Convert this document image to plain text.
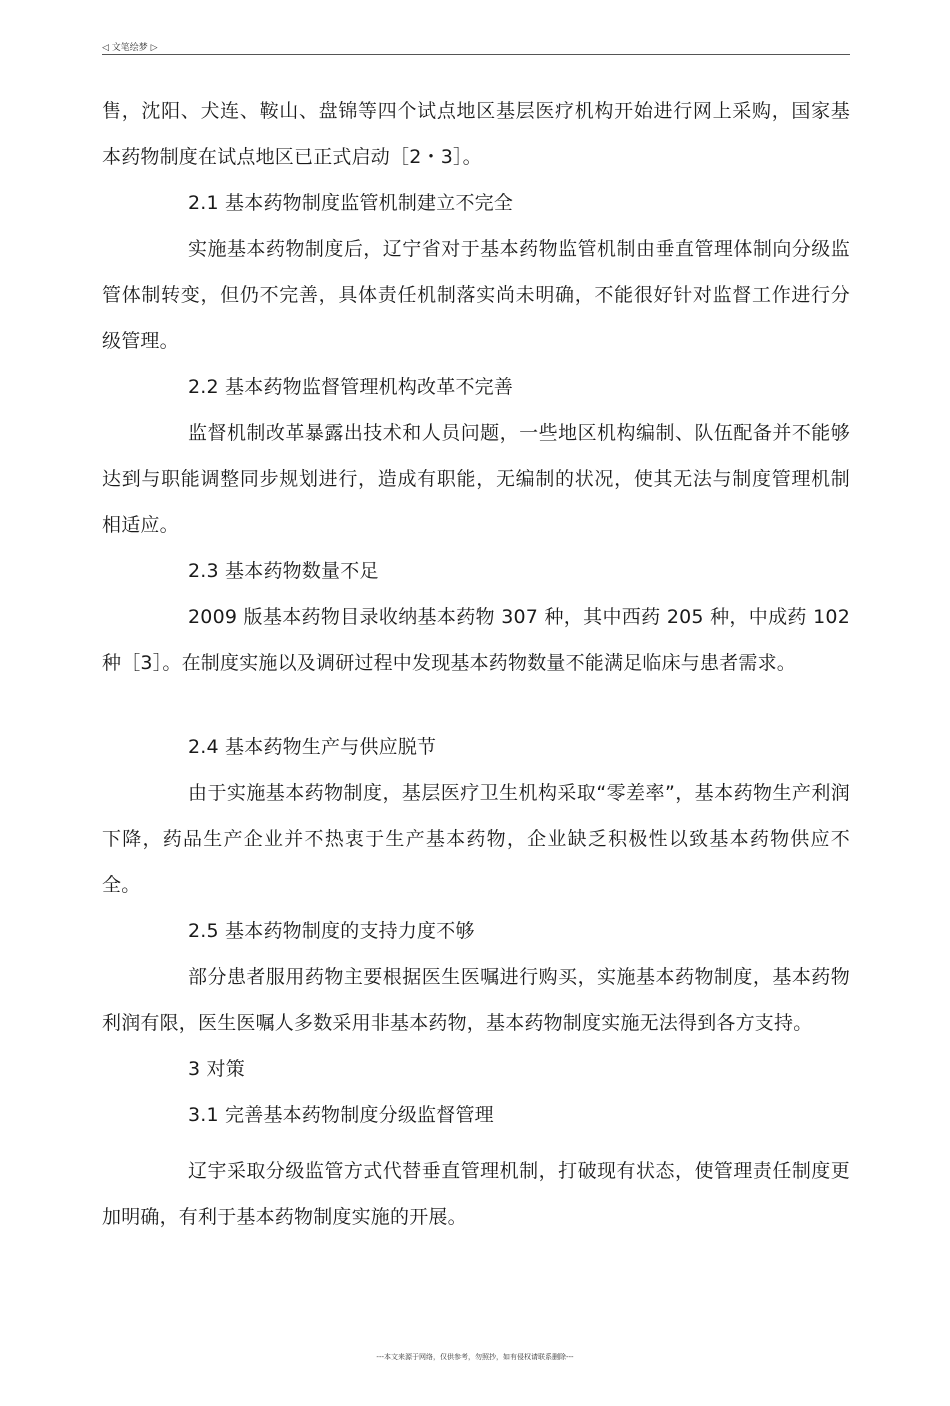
◁ 文笔绘梦 ▷

售，沈阳、犬连、鞍山、盘锦等四个试点地区基层医疗机构开始进行网上采购，国家基本药物制度在试点地区已正式启动［2・3］。

2.1 基本药物制度监管机制建立不完全

实施基本药物制度后，辽宁省对于基本药物监管机制由垂直管理体制向分级监管体制转变，但仍不完善，具体责任机制落实尚未明确，不能很好针对监督工作进行分级管理。

2.2 基本药物监督管理机构改革不完善

监督机制改革暴露出技术和人员问题，一些地区机构编制、队伍配备并不能够达到与职能调整同步规划进行，造成有职能，无编制的状况，使其无法与制度管理机制相适应。

2.3 基本药物数量不足

2009 版基本药物目录收纳基本药物 307 种，其中西药 205 种，中成药 102 种［3］。在制度实施以及调研过程中发现基本药物数量不能满足临床与患者需求。

2.4 基本药物生产与供应脱节

由于实施基本药物制度，基层医疗卫生机构采取“零差率”，基本药物生产利润下降，药品生产企业并不热衷于生产基本药物，企业缺乏积极性以致基本药物供应不全。

2.5 基本药物制度的支持力度不够

部分患者服用药物主要根据医生医嘱进行购买，实施基本药物制度，基本药物利润有限，医生医嘱人多数采用非基本药物，基本药物制度实施无法得到各方支持。

3 对策

3.1 完善基本药物制度分级监督管理

辽宇采取分级监管方式代替垂直管理机制，打破现有状态，使管理责任制度更加明确，有利于基本药物制度实施的开展。

---本文来源于网络，仅供参考，勿照抄，如有侵权请联系删除---
